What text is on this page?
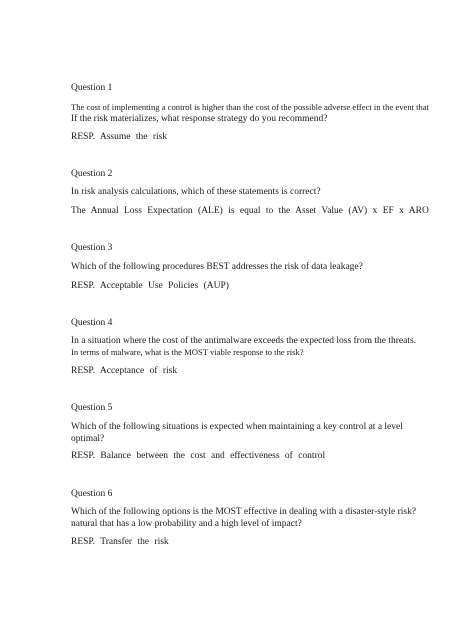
Question 1
The cost of implementing a control is higher than the cost of the possible adverse effect in the event that
If the risk materializes, what response strategy do you recommend?
RESP. Assume the risk
Question 2
In risk analysis calculations, which of these statements is correct?
The Annual Loss Expectation (ALE) is equal to the Asset Value (AV) x EF x ARO
Question 3
Which of the following procedures BEST addresses the risk of data leakage?
RESP. Acceptable Use Policies (AUP)
Question 4
In a situation where the cost of the antimalware exceeds the expected loss from the threats.
In terms of malware, what is the MOST viable response to the risk?
RESP. Acceptance of risk
Question 5
Which of the following situations is expected when maintaining a key control at a level
optimal?
RESP. Balance between the cost and effectiveness of control
Question 6
Which of the following options is the MOST effective in dealing with a disaster-style risk?
natural that has a low probability and a high level of impact?
RESP. Transfer the risk
